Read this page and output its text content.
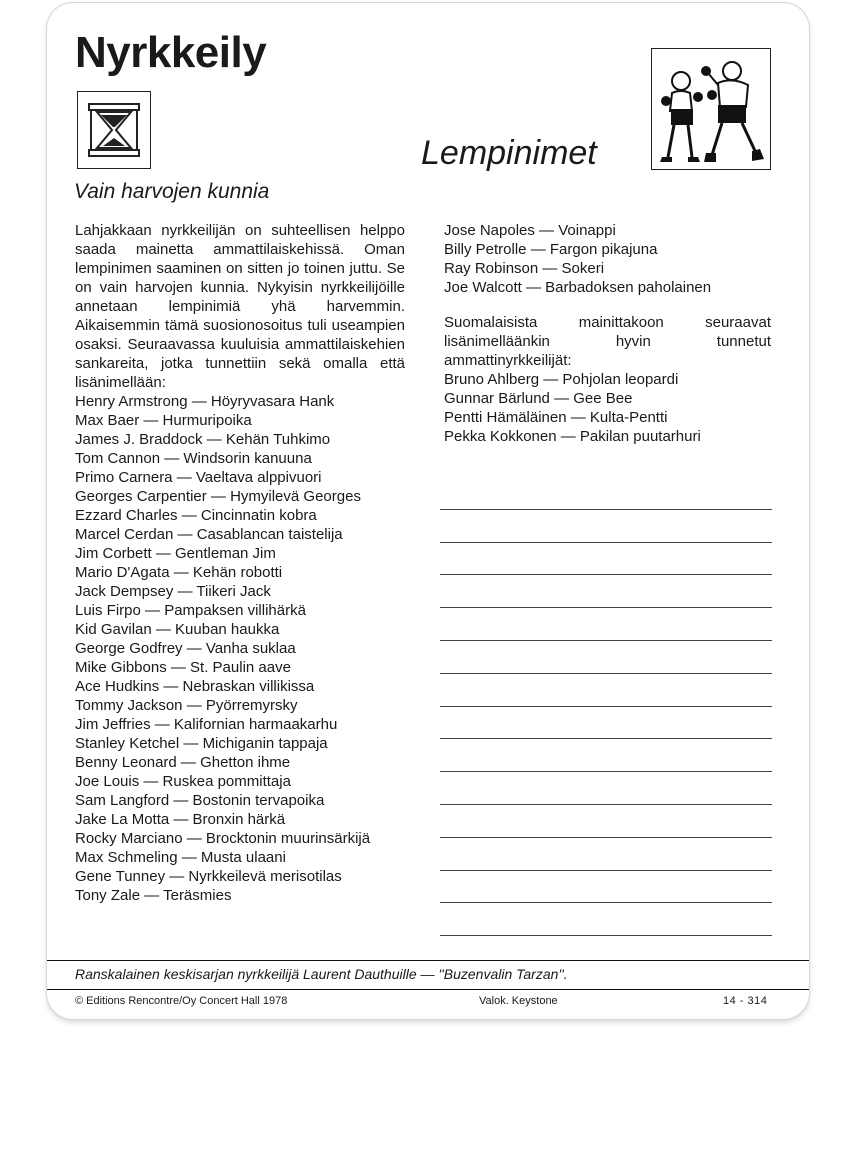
Nyrkkeily
Lempinimet
Vain harvojen kunnia

Lahjakkaan nyrkkeilijän on suhteellisen helppo saada mainetta ammattilaiskehissä. Oman lempinimen saaminen on sitten jo toinen juttu. Se on vain harvojen kunnia. Nykyisin nyrkkeilijöille annetaan lempinimiä yhä harvemmin. Aikaisemmin tämä suosionosoitus tuli useampien osaksi. Seuraavassa kuuluisia ammattilaiskehien sankareita, jotka tunnettiin sekä omalla että lisänimellään:

Henry Armstrong — Höyryvasara Hank
Max Baer — Hurmuripoika
James J. Braddock — Kehän Tuhkimo
Tom Cannon — Windsorin kanuuna
Primo Carnera — Vaeltava alppivuori
Georges Carpentier — Hymyilevä Georges
Ezzard Charles — Cincinnatin kobra
Marcel Cerdan — Casablancan taistelija
Jim Corbett — Gentleman Jim
Mario D'Agata — Kehän robotti
Jack Dempsey — Tiikeri Jack
Luis Firpo — Pampaksen villihärkä
Kid Gavilan — Kuuban haukka
George Godfrey — Vanha suklaa
Mike Gibbons — St. Paulin aave
Ace Hudkins — Nebraskan villikissa
Tommy Jackson — Pyörremyrsky
Jim Jeffries — Kalifornian harmaakarhu
Stanley Ketchel — Michiganin tappaja
Benny Leonard — Ghetton ihme
Joe Louis — Ruskea pommittaja
Sam Langford — Bostonin tervapoika
Jake La Motta — Bronxin härkä
Rocky Marciano — Brocktonin muurinsärkijä
Max Schmeling — Musta ulaani
Gene Tunney — Nyrkkeilevä merisotilas
Tony Zale — Teräsmies
Jose Napoles — Voinappi
Billy Petrolle — Fargon pikajuna
Ray Robinson — Sokeri
Joe Walcott — Barbadoksen paholainen

Suomalaisista mainittakoon seuraavat lisänimelläänkin hyvin tunnetut ammattinyrkkeilijät:

Bruno Ahlberg — Pohjolan leopardi
Gunnar Bärlund — Gee Bee
Pentti Hämäläinen — Kulta-Pentti
Pekka Kokkonen — Pakilan puutarhuri

Ranskalainen keskisarjan nyrkkeilijä Laurent Dauthuille — ''Buzenvalin Tarzan''.

© Editions Rencontre/Oy Concert Hall 1978	Valok. Keystone	14 - 314
